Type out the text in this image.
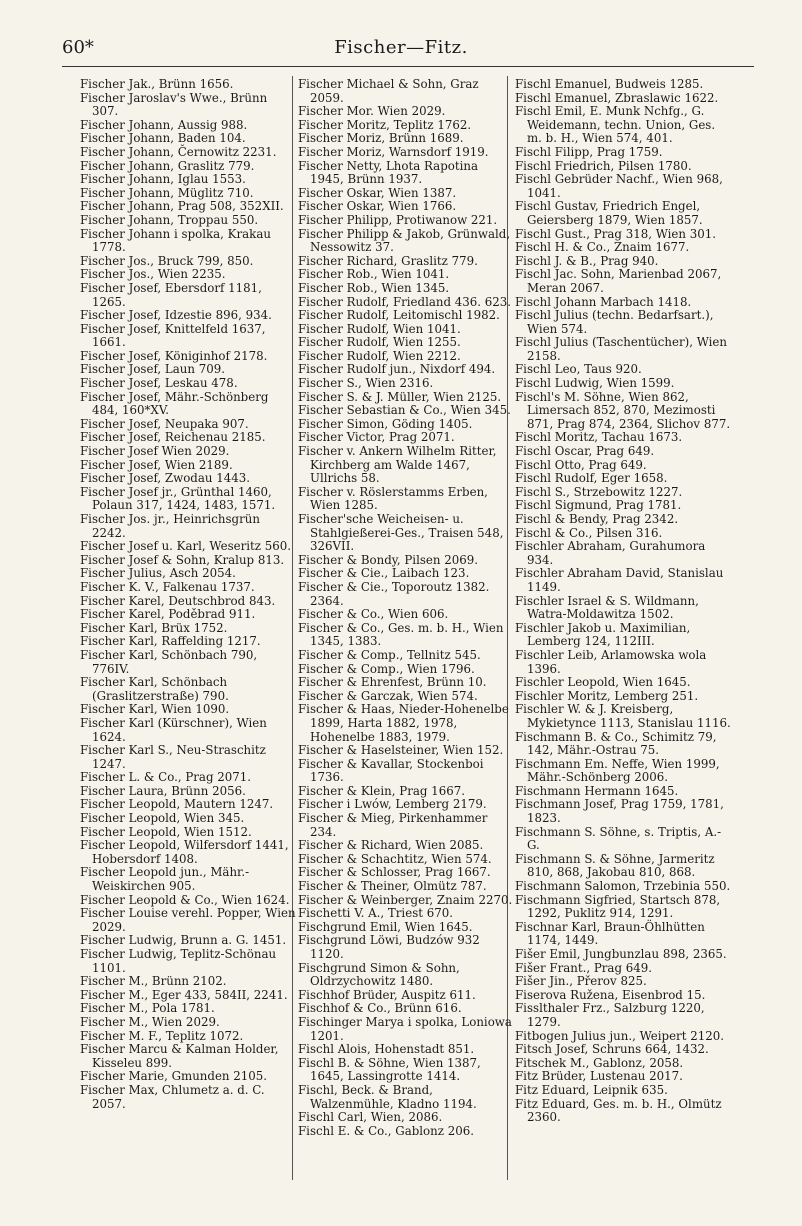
60*	Fischer—Fitz.

Fischer Jak., Brünn 1656.

Fischer Jaroslav's Wwe., Brünn 307.

Fischer Johann, Aussig 988.

Fischer Johann, Baden 104.

Fischer Johann, Černowitz 2231.

Fischer Johann, Graslitz 779.

Fischer Johann, Iglau 1553.

Fischer Johann, Müglitz 710.

Fischer Johann, Prag 508, 352XII.

Fischer Johann, Troppau 550.

Fischer Johann i spolka, Krakau 1778.

Fischer Jos., Bruck 799, 850.

Fischer Jos., Wien 2235.

Fischer Josef, Ebersdorf 1181, 1265.

Fischer Josef, Idzestie 896, 934.

Fischer Josef, Knittelfeld 1637, 1661.

Fischer Josef, Königinhof 2178.

Fischer Josef, Laun 709.

Fischer Josef, Leskau 478.

Fischer Josef, Mähr.-Schönberg 484, 160*XV.

Fischer Josef, Neupaka 907.

Fischer Josef, Reichenau 2185.

Fischer Josef Wien 2029.

Fischer Josef, Wien 2189.

Fischer Josef, Zwodau 1443.

Fischer Josef jr., Grünthal 1460, Polaun 317, 1424, 1483, 1571.

Fischer Jos. jr., Heinrichsgrün 2242.

Fischer Josef u. Karl, Weseritz 560.

Fischer Josef & Sohn, Kralup 813.

Fischer Julius, Asch 2054.

Fischer K. V., Falkenau 1737.

Fischer Karel, Deutschbrod 843.

Fischer Karel, Poděbrad 911.

Fischer Karl, Brüx 1752.

Fischer Karl, Raffelding 1217.

Fischer Karl, Schönbach 790, 776IV.

Fischer Karl, Schönbach (Graslitzerstraße) 790.

Fischer Karl, Wien 1090.

Fischer Karl (Kürschner), Wien 1624.

Fischer Karl S., Neu-Straschitz 1247.

Fischer L. & Co., Prag 2071.

Fischer Laura, Brünn 2056.

Fischer Leopold, Mautern 1247.

Fischer Leopold, Wien 345.

Fischer Leopold, Wien 1512.

Fischer Leopold, Wilfersdorf 1441, Hobersdorf 1408.

Fischer Leopold jun., Mähr.-Weiskirchen 905.

Fischer Leopold & Co., Wien 1624.

Fischer Louise verehl. Popper, Wien 2029.

Fischer Ludwig, Brunn a. G. 1451.

Fischer Ludwig, Teplitz-Schönau 1101.

Fischer M., Brünn 2102.

Fischer M., Eger 433, 584II, 2241.

Fischer M., Pola 1781.

Fischer M., Wien 2029.

Fischer M. F., Teplitz 1072.

Fischer Marcu & Kalman Holder, Kisseleu 899.

Fischer Marie, Gmunden 2105.

Fischer Max, Chlumetz a. d. C. 2057.

Fischer Michael & Sohn, Graz 2059.

Fischer Mor. Wien 2029.

Fischer Moritz, Teplitz 1762.

Fischer Moriz, Brünn 1689.

Fischer Moriz, Warnsdorf 1919.

Fischer Netty, Lhota Rapotina 1945, Brünn 1937.

Fischer Oskar, Wien 1387.

Fischer Oskar, Wien 1766.

Fischer Philipp, Protiwanow 221.

Fischer Philipp & Jakob, Grünwald, Nessowitz 37.

Fischer Richard, Graslitz 779.

Fischer Rob., Wien 1041.

Fischer Rob., Wien 1345.

Fischer Rudolf, Friedland 436. 623.

Fischer Rudolf, Leitomischl 1982.

Fischer Rudolf, Wien 1041.

Fischer Rudolf, Wien 1255.

Fischer Rudolf, Wien 2212.

Fischer Rudolf jun., Nixdorf 494.

Fischer S., Wien 2316.

Fischer S. & J. Müller, Wien 2125.

Fischer Sebastian & Co., Wien 345.

Fischer Simon, Göding 1405.

Fischer Victor, Prag 2071.

Fischer v. Ankern Wilhelm Ritter, Kirchberg am Walde 1467, Ullrichs 58.

Fischer v. Röslerstamms Erben, Wien 1285.

Fischer'sche Weicheisen- u. Stahlgießerei-Ges., Traisen 548, 326VII.

Fischer & Bondy, Pilsen 2069.

Fischer & Cie., Laibach 123.

Fischer & Cie., Toporoutz 1382. 2364.

Fischer & Co., Wien 606.

Fischer & Co., Ges. m. b. H., Wien 1345, 1383.

Fischer & Comp., Tellnitz 545.

Fischer & Comp., Wien 1796.

Fischer & Ehrenfest, Brünn 10.

Fischer & Garczak, Wien 574.

Fischer & Haas, Nieder-Hohenelbe 1899, Harta 1882, 1978, Hohenelbe 1883, 1979.

Fischer & Haselsteiner, Wien 152.

Fischer & Kavallar, Stockenboi 1736.

Fischer & Klein, Prag 1667.

Fischer i Lwów, Lemberg 2179.

Fischer & Mieg, Pirkenhammer 234.

Fischer & Richard, Wien 2085.

Fischer & Schachtitz, Wien 574.

Fischer & Schlosser, Prag 1667.

Fischer & Theiner, Olmütz 787.

Fischer & Weinberger, Znaim 2270.

Fischetti V. A., Triest 670.

Fischgrund Emil, Wien 1645.

Fischgrund Löwi, Budzów 932 1120.

Fischgrund Simon & Sohn, Oldrzychowitz 1480.

Fischhof Brüder, Auspitz 611.

Fischhof & Co., Brünn 616.

Fischinger Marya i spolka, Loniowa 1201.

Fischl Alois, Hohenstadt 851.

Fischl B. & Söhne, Wien 1387, 1645, Lassingrotte 1414.

Fischl, Beck. & Brand, Walzenmühle, Kladno 1194.

Fischl Carl, Wien, 2086.

Fischl E. & Co., Gablonz 206.

Fischl Emanuel, Budweis 1285.

Fischl Emanuel, Zbraslawic 1622.

Fischl Emil, E. Munk Nchfg., G. Weidemann, techn. Union, Ges. m. b. H., Wien 574, 401.

Fischl Filipp, Prag 1759.

Fischl Friedrich, Pilsen 1780.

Fischl Gebrüder Nachf., Wien 968, 1041.

Fischl Gustav, Friedrich Engel, Geiersberg 1879, Wien 1857.

Fischl Gust., Prag 318, Wien 301.

Fischl H. & Co., Znaim 1677.

Fischl J. & B., Prag 940.

Fischl Jac. Sohn, Marienbad 2067, Meran 2067.

Fischl Johann Marbach 1418.

Fischl Julius (techn. Bedarfsart.), Wien 574.

Fischl Julius (Taschentücher), Wien 2158.

Fischl Leo, Taus 920.

Fischl Ludwig, Wien 1599.

Fischl's M. Söhne, Wien 862, Limersach 852, 870, Mezimosti 871, Prag 874, 2364, Slichov 877.

Fischl Moritz, Tachau 1673.

Fischl Oscar, Prag 649.

Fischl Otto, Prag 649.

Fischl Rudolf, Eger 1658.

Fischl S., Strzebowitz 1227.

Fischl Sigmund, Prag 1781.

Fischl & Bendy, Prag 2342.

Fischl & Co., Pilsen 316.

Fischler Abraham, Gurahumora 934.

Fischler Abraham David, Stanislau 1149.

Fischler Israel & S. Wildmann, Watra-Moldawitza 1502.

Fischler Jakob u. Maximilian, Lemberg 124, 112III.

Fischler Leib, Arlamowska wola 1396.

Fischler Leopold, Wien 1645.

Fischler Moritz, Lemberg 251.

Fischler W. & J. Kreisberg, Mykietynce 1113, Stanislau 1116.

Fischmann B. & Co., Schimitz 79, 142, Mähr.-Ostrau 75.

Fischmann Em. Neffe, Wien 1999, Mähr.-Schönberg 2006.

Fischmann Hermann 1645.

Fischmann Josef, Prag 1759, 1781, 1823.

Fischmann S. Söhne, s. Triptis, A.-G.

Fischmann S. & Söhne, Jarmeritz 810, 868, Jakobau 810, 868.

Fischmann Salomon, Trzebinia 550.

Fischmann Sigfried, Startsch 878, 1292, Puklitz 914, 1291.

Fischnar Karl, Braun-Öhlhütten 1174, 1449.

Fišer Emil, Jungbunzlau 898, 2365.

Fišer Frant., Prag 649.

Fišer Jin., Přerov 825.

Fiserova Ružena, Eisenbrod 15.

Fisslthaler Frz., Salzburg 1220, 1279.

Fitbogen Julius jun., Weipert 2120.

Fitsch Josef, Schruns 664, 1432.

Fitschek M., Gablonz, 2058.

Fitz Brüder, Lustenau 2017.

Fitz Eduard, Leipnik 635.

Fitz Eduard, Ges. m. b. H., Olmütz 2360.
